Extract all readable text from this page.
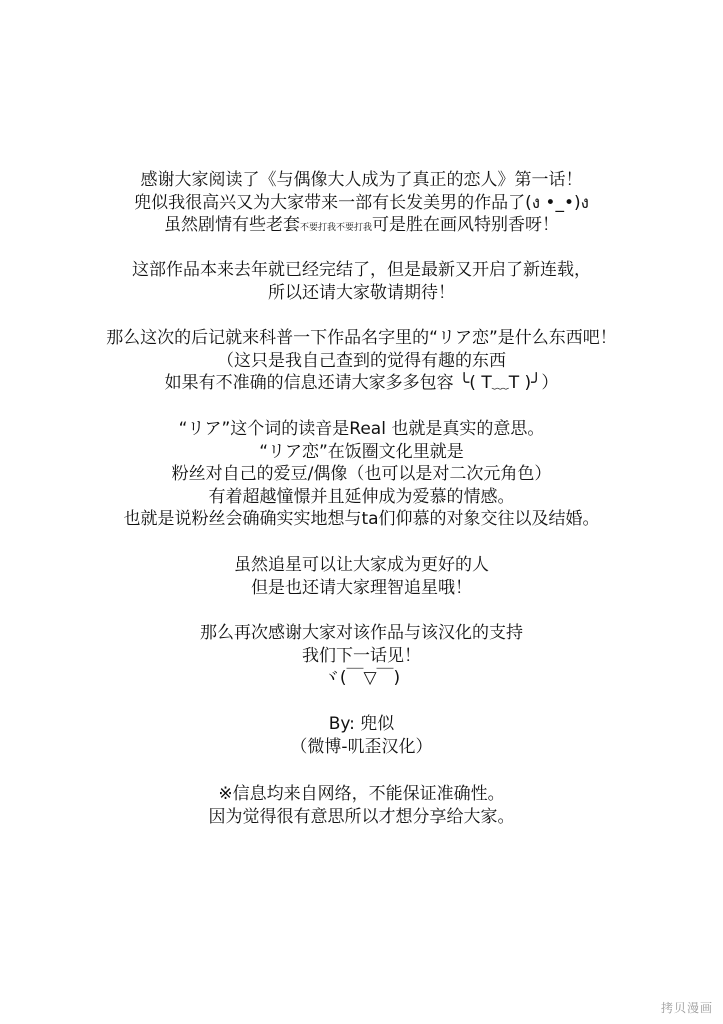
感谢大家阅读了《与偶像大人成为了真正的恋人》第一话！

兜似我很高兴又为大家带来一部有长发美男的作品了(ง •_•)ง

虽然剧情有些老套不要打我不要打我可是胜在画风特别香呀！

这部作品本来去年就已经完结了，但是最新又开启了新连载，

所以还请大家敬请期待！

那么这次的后记就来科普一下作品名字里的“リア恋”是什么东西吧！

（这只是我自己查到的觉得有趣的东西

如果有不准确的信息还请大家多多包容 ╰( T﹏T )╯）

“リア”这个词的读音是Real 也就是真实的意思。

“リア恋”在饭圈文化里就是

粉丝对自己的爱豆/偶像（也可以是对二次元角色）

有着超越憧憬并且延伸成为爱慕的情感。

也就是说粉丝会确确实实地想与ta们仰慕的对象交往以及结婚。

虽然追星可以让大家成为更好的人

但是也还请大家理智追星哦！

那么再次感谢大家对该作品与该汉化的支持

我们下一话见！

ヾ(￣▽￣)

By: 兜似

（微博-叽歪汉化）

※信息均来自网络，不能保证准确性。

因为觉得很有意思所以才想分享给大家。

拷贝漫画
